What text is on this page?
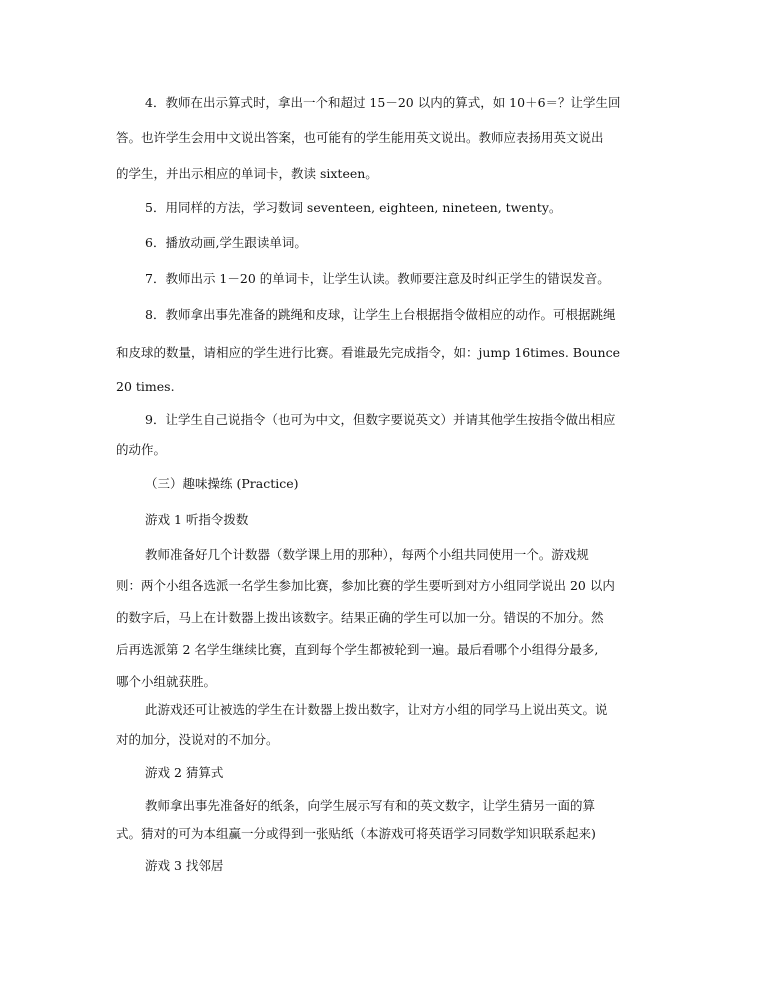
4．教师在出示算式时，拿出一个和超过 15－20 以内的算式，如 10＋6＝？让学生回
答。也许学生会用中文说出答案，也可能有的学生能用英文说出。教师应表扬用英文说出
的学生，并出示相应的单词卡，教读 sixteen。
5．用同样的方法，学习数词 seventeen, eighteen, nineteen, twenty。
6．播放动画,学生跟读单词。
7．教师出示 1－20 的单词卡，让学生认读。教师要注意及时纠正学生的错误发音。
8．教师拿出事先准备的跳绳和皮球，让学生上台根据指令做相应的动作。可根据跳绳
和皮球的数量，请相应的学生进行比赛。看谁最先完成指令，如：jump 16times. Bounce
20 times.
9．让学生自己说指令（也可为中文，但数字要说英文）并请其他学生按指令做出相应
的动作。
（三）趣味操练 (Practice)
游戏 1 听指令拨数
教师准备好几个计数器（数学课上用的那种），每两个小组共同使用一个。游戏规
则：两个小组各选派一名学生参加比赛，参加比赛的学生要听到对方小组同学说出 20 以内
的数字后，马上在计数器上拨出该数字。结果正确的学生可以加一分。错误的不加分。然
后再选派第 2 名学生继续比赛，直到每个学生都被轮到一遍。最后看哪个小组得分最多,
哪个小组就获胜。
此游戏还可让被选的学生在计数器上拨出数字，让对方小组的同学马上说出英文。说
对的加分，没说对的不加分。
游戏 2 猜算式
教师拿出事先准备好的纸条，向学生展示写有和的英文数字，让学生猜另一面的算
式。猜对的可为本组赢一分或得到一张贴纸（本游戏可将英语学习同数学知识联系起来)
游戏 3 找邻居
